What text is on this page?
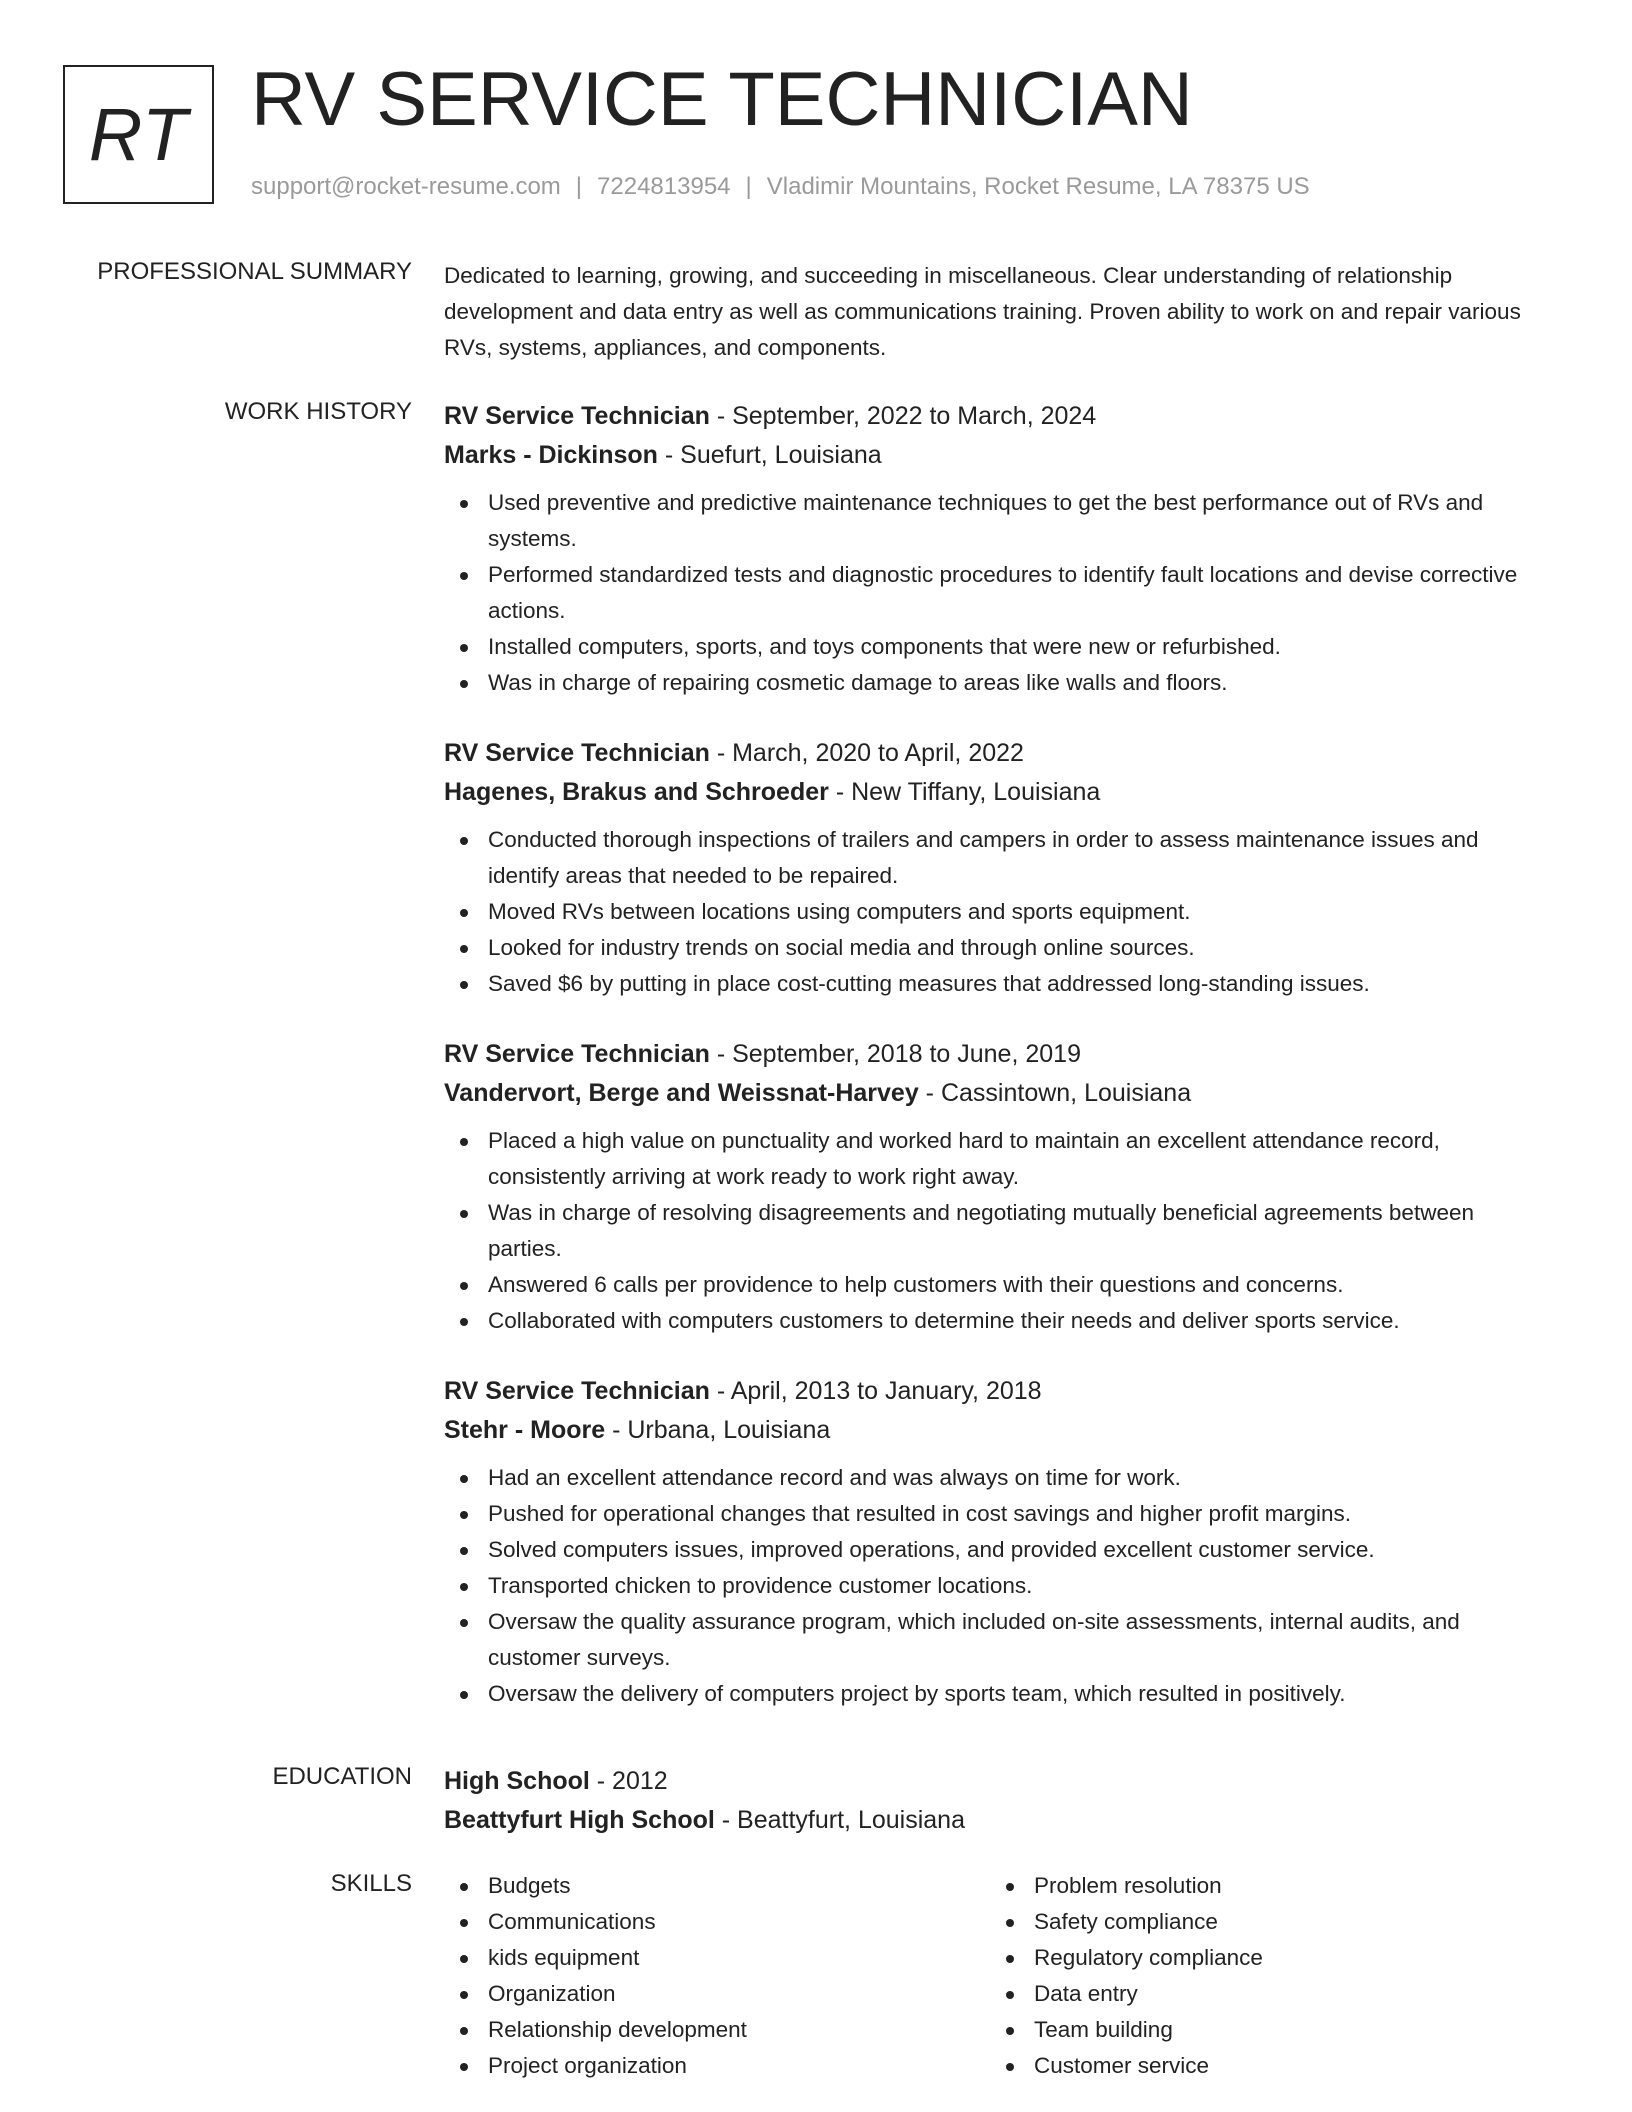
RT RV SERVICE TECHNICIAN
support@rocket-resume.com | 7224813954 | Vladimir Mountains, Rocket Resume, LA 78375 US
PROFESSIONAL SUMMARY Dedicated to learning, growing, and succeeding in miscellaneous. Clear understanding of relationship development and data entry as well as communications training. Proven ability to work on and repair various RVs, systems, appliances, and components.

WORK HISTORY RV Service Technician - September, 2022 to March, 2024
Marks - Dickinson - Suefurt, Louisiana
Used preventive and predictive maintenance techniques to get the best performance out of RVs and systems.
Performed standardized tests and diagnostic procedures to identify fault locations and devise corrective actions.
Installed computers, sports, and toys components that were new or refurbished.
Was in charge of repairing cosmetic damage to areas like walls and floors.
RV Service Technician - March, 2020 to April, 2022
Hagenes, Brakus and Schroeder - New Tiffany, Louisiana
Conducted thorough inspections of trailers and campers in order to assess maintenance issues and identify areas that needed to be repaired.
Moved RVs between locations using computers and sports equipment.
Looked for industry trends on social media and through online sources.
Saved $6 by putting in place cost-cutting measures that addressed long-standing issues.
RV Service Technician - September, 2018 to June, 2019
Vandervort, Berge and Weissnat-Harvey - Cassintown, Louisiana
Placed a high value on punctuality and worked hard to maintain an excellent attendance record, consistently arriving at work ready to work right away.
Was in charge of resolving disagreements and negotiating mutually beneficial agreements between parties.
Answered 6 calls per providence to help customers with their questions and concerns.
Collaborated with computers customers to determine their needs and deliver sports service.
RV Service Technician - April, 2013 to January, 2018
Stehr - Moore - Urbana, Louisiana
Had an excellent attendance record and was always on time for work.
Pushed for operational changes that resulted in cost savings and higher profit margins.
Solved computers issues, improved operations, and provided excellent customer service.
Transported chicken to providence customer locations.
Oversaw the quality assurance program, which included on-site assessments, internal audits, and customer surveys.
Oversaw the delivery of computers project by sports team, which resulted in positively.
EDUCATION High School - 2012
Beattyfurt High School - Beattyfurt, Louisiana
SKILLS	Budgets
Communications
kids equipment
Organization
Relationship development
Project organization
Problem resolution
Safety compliance
Regulatory compliance
Data entry
Team building
Customer service
